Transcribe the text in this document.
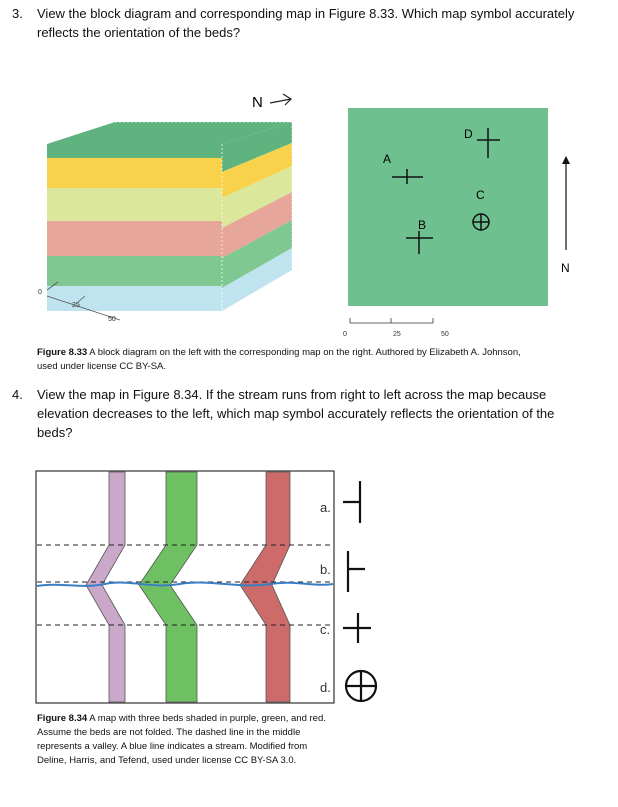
3. View the block diagram and corresponding map in Figure 8.33. Which map symbol accurately
reflects the orientation of the beds?
N
0
25
50
A
B
C
D
N
0	25	50
Figure 8.33 A block diagram on the left with the corresponding map on the right. Authored by Elizabeth A. Johnson,
used under license CC BY-SA.
4. View the map in Figure 8.34. If the stream runs from right to left across the map because
elevation decreases to the left, which map symbol accurately reflects the orientation of the
beds?
a.
b.
c.
d.
Figure 8.34 A map with three beds shaded in purple, green, and red.
Assume the beds are not folded. The dashed line in the middle
represents a valley. A blue line indicates a stream. Modified from
Deline, Harris, and Tefend, used under license CC BY-SA 3.0.
